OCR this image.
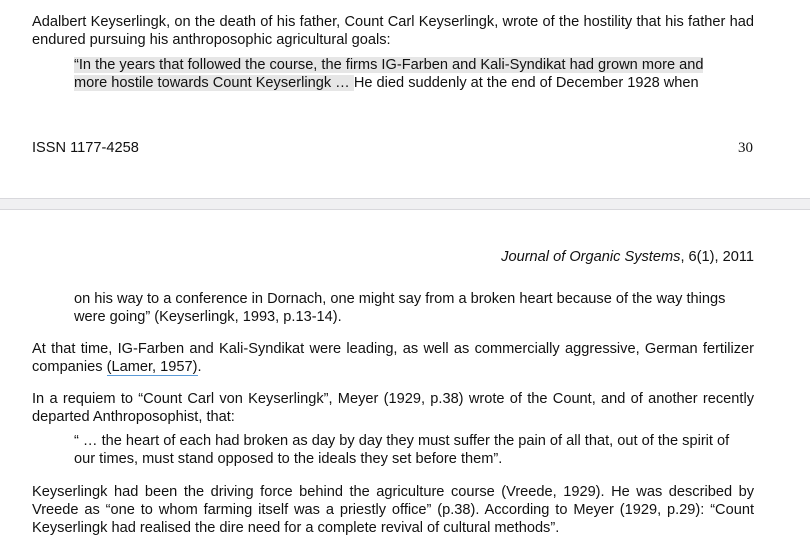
Adalbert Keyserlingk, on the death of his father, Count Carl Keyserlingk, wrote of the hostility that his father had endured pursuing his anthroposophic agricultural goals:

“In the years that followed the course, the firms IG-Farben and Kali-Syndikat had grown more and
more hostile towards Count Keyserlingk … He died suddenly at the end of December 1928 when

ISSN 1177-4258	30
Journal of Organic Systems, 6(1), 2011

on his way to a conference in Dornach, one might say from a broken heart because of the way things were going” (Keyserlingk, 1993, p.13-14).

At that time, IG-Farben and Kali-Syndikat were leading, as well as commercially aggressive, German fertilizer companies (Lamer, 1957).

In a requiem to “Count Carl von Keyserlingk”, Meyer (1929, p.38) wrote of the Count, and of another recently departed Anthroposophist, that:

“ … the heart of each had broken as day by day they must suffer the pain of all that, out of the spirit of our times, must stand opposed to the ideals they set before them”.

Keyserlingk had been the driving force behind the agriculture course (Vreede, 1929). He was described by Vreede as “one to whom farming itself was a priestly office” (p.38). According to Meyer (1929, p.29): “Count Keyserlingk had realised the dire need for a complete revival of cultural methods”.
